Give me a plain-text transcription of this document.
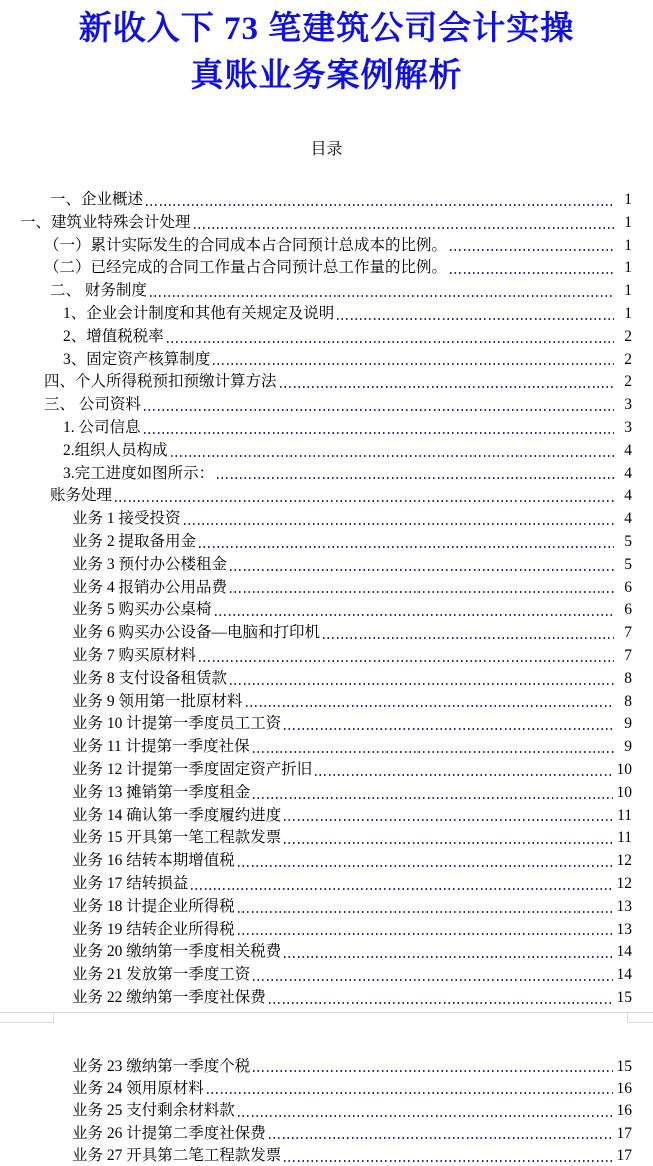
新收入下 73 笔建筑公司会计实操
真账业务案例解析
目录
一、企业概述	1
一、建筑业特殊会计处理	1
（一）累计实际发生的合同成本占合同预计总成本的比例。	1
（二）已经完成的合同工作量占合同预计总工作量的比例。	1
二、 财务制度	1
1、企业会计制度和其他有关规定及说明	1
2、增值税税率	2
3、固定资产核算制度	2
四、个人所得税预扣预缴计算方法	2
三、 公司资料	3
1. 公司信息	3
2.组织人员构成	4
3.完工进度如图所示：	4
账务处理	4
业务 1 接受投资	4
业务 2 提取备用金	5
业务 3 预付办公楼租金	5
业务 4 报销办公用品费	6
业务 5 购买办公桌椅	6
业务 6 购买办公设备—电脑和打印机	7
业务 7 购买原材料	7
业务 8 支付设备租赁款	8
业务 9 领用第一批原材料	8
业务 10 计提第一季度员工工资	9
业务 11 计提第一季度社保	9
业务 12 计提第一季度固定资产折旧	10
业务 13 摊销第一季度租金	10
业务 14 确认第一季度履约进度	11
业务 15 开具第一笔工程款发票	11
业务 16 结转本期增值税	12
业务 17 结转损益	12
业务 18 计提企业所得税	13
业务 19 结转企业所得税	13
业务 20 缴纳第一季度相关税费	14
业务 21 发放第一季度工资	14
业务 22 缴纳第一季度社保费	15
业务 23 缴纳第一季度个税	15
业务 24 领用原材料	16
业务 25 支付剩余材料款	16
业务 26 计提第二季度社保费	17
业务 27 开具第二笔工程款发票	17
